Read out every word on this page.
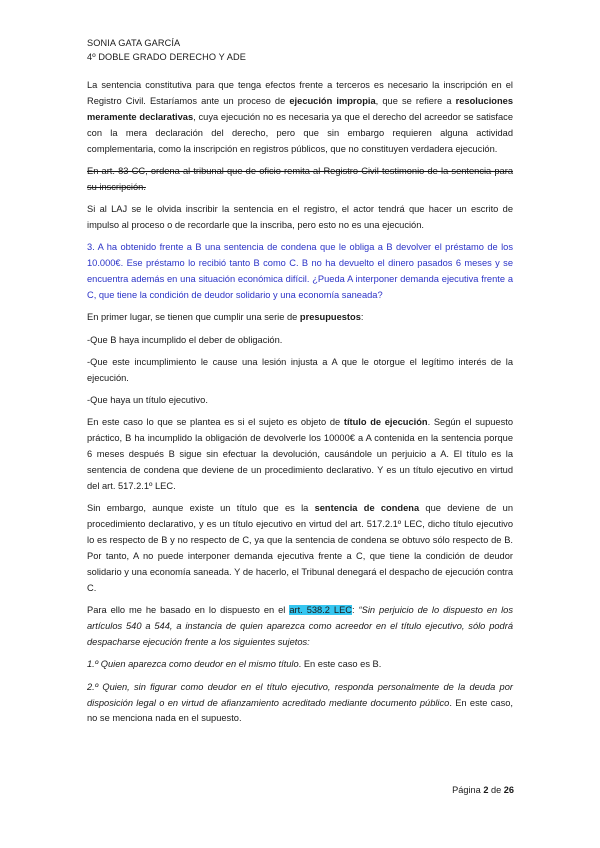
SONIA GATA GARCÍA
4º DOBLE GRADO DERECHO Y ADE

La sentencia constitutiva para que tenga efectos frente a terceros es necesario la inscripción en el Registro Civil. Estaríamos ante un proceso de ejecución impropia, que se refiere a resoluciones meramente declarativas, cuya ejecución no es necesaria ya que el derecho del acreedor se satisface con la mera declaración del derecho, pero que sin embargo requieren alguna actividad complementaria, como la inscripción en registros públicos, que no constituyen verdadera ejecución.

En art. 83 CC, ordena al tribunal que de oficio remita al Registro Civil testimonio de la sentencia para su inscripción.

Si al LAJ se le olvida inscribir la sentencia en el registro, el actor tendrá que hacer un escrito de impulso al proceso o de recordarle que la inscriba, pero esto no es una ejecución.

3. A ha obtenido frente a B una sentencia de condena que le obliga a B devolver el préstamo de los 10.000€. Ese préstamo lo recibió tanto B como C. B no ha devuelto el dinero pasados 6 meses y se encuentra además en una situación económica difícil. ¿Pueda A interponer demanda ejecutiva frente a C, que tiene la condición de deudor solidario y una economía saneada?

En primer lugar, se tienen que cumplir una serie de presupuestos:

-Que B haya incumplido el deber de obligación.

-Que este incumplimiento le cause una lesión injusta a A que le otorgue el legítimo interés de la ejecución.

-Que haya un título ejecutivo.

En este caso lo que se plantea es si el sujeto es objeto de título de ejecución. Según el supuesto práctico, B ha incumplido la obligación de devolverle los 10000€ a A contenida en la sentencia porque 6 meses después B sigue sin efectuar la devolución, causándole un perjuicio a A. El título es la sentencia de condena que deviene de un procedimiento declarativo. Y es un título ejecutivo en virtud del art. 517.2.1º LEC.

Sin embargo, aunque existe un título que es la sentencia de condena que deviene de un procedimiento declarativo, y es un título ejecutivo en virtud del art. 517.2.1º LEC, dicho título ejecutivo lo es respecto de B y no respecto de C, ya que la sentencia de condena se obtuvo sólo respecto de B. Por tanto, A no puede interponer demanda ejecutiva frente a C, que tiene la condición de deudor solidario y una economía saneada. Y de hacerlo, el Tribunal denegará el despacho de ejecución contra C.

Para ello me he basado en lo dispuesto en el art. 538.2 LEC: “Sin perjuicio de lo dispuesto en los artículos 540 a 544, a instancia de quien aparezca como acreedor en el título ejecutivo, sólo podrá despacharse ejecución frente a los siguientes sujetos:

1.º Quien aparezca como deudor en el mismo título. En este caso es B.

2.º Quien, sin figurar como deudor en el título ejecutivo, responda personalmente de la deuda por disposición legal o en virtud de afianzamiento acreditado mediante documento público. En este caso, no se menciona nada en el supuesto.

Página 2 de 26
